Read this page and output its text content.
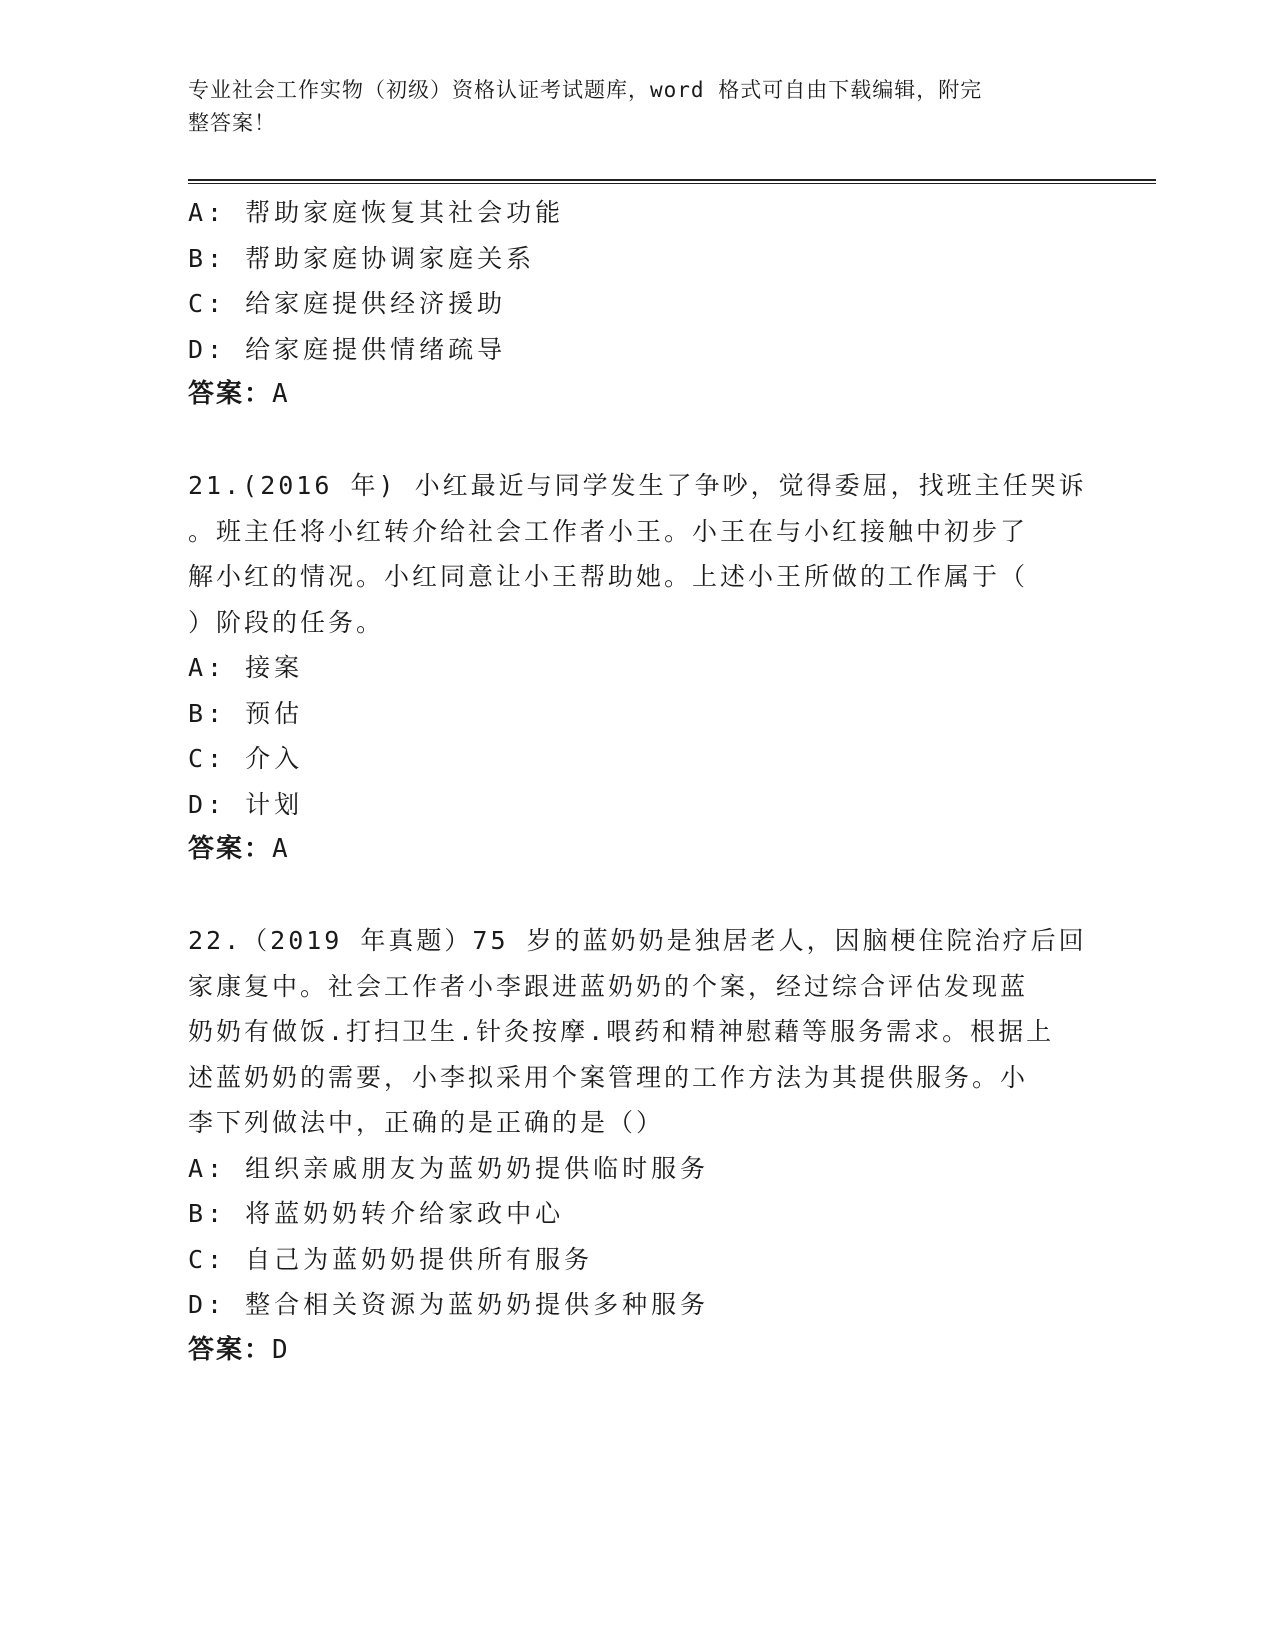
专业社会工作实物（初级）资格认证考试题库，word 格式可自由下载编辑，附完
整答案！
A: 帮助家庭恢复其社会功能
B: 帮助家庭协调家庭关系
C: 给家庭提供经济援助
D: 给家庭提供情绪疏导
答案：A
21.(2016 年) 小红最近与同学发生了争吵，觉得委屈，找班主任哭诉
。班主任将小红转介给社会工作者小王。小王在与小红接触中初步了
解小红的情况。小红同意让小王帮助她。上述小王所做的工作属于（
）阶段的任务。
A: 接案
B: 预估
C: 介入
D: 计划
答案：A
22.（2019 年真题）75 岁的蓝奶奶是独居老人，因脑梗住院治疗后回
家康复中。社会工作者小李跟进蓝奶奶的个案，经过综合评估发现蓝
奶奶有做饭.打扫卫生.针灸按摩.喂药和精神慰藉等服务需求。根据上
述蓝奶奶的需要，小李拟采用个案管理的工作方法为其提供服务。小
李下列做法中，正确的是正确的是（）
A: 组织亲戚朋友为蓝奶奶提供临时服务
B: 将蓝奶奶转介给家政中心
C: 自己为蓝奶奶提供所有服务
D: 整合相关资源为蓝奶奶提供多种服务
答案：D
